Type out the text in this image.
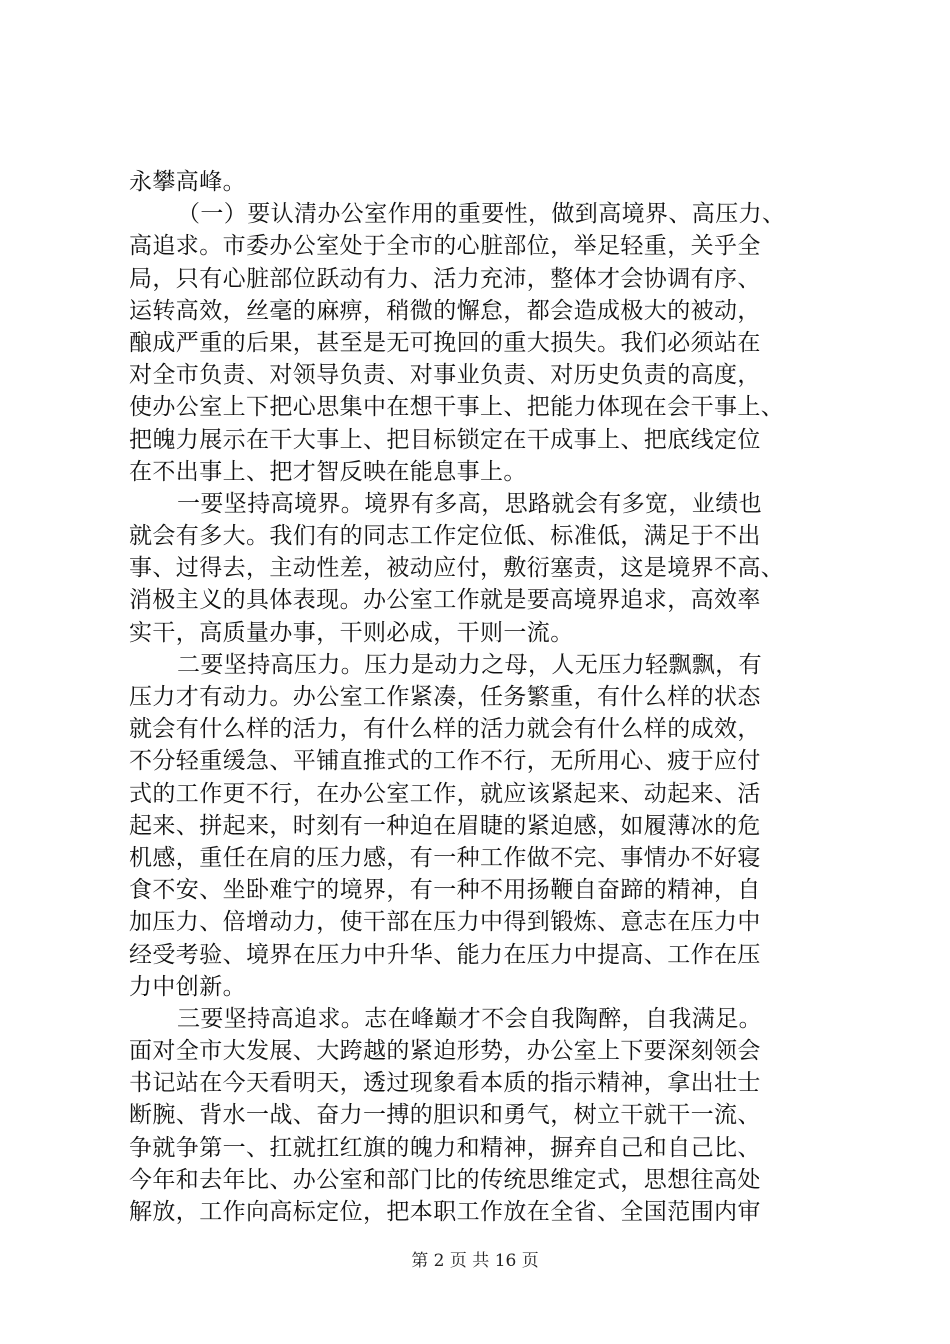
永攀高峰。
（一）要认清办公室作用的重要性，做到高境界、高压力、
高追求。市委办公室处于全市的心脏部位，举足轻重，关乎全
局，只有心脏部位跃动有力、活力充沛，整体才会协调有序、
运转高效，丝毫的麻痹，稍微的懈怠，都会造成极大的被动，
酿成严重的后果，甚至是无可挽回的重大损失。我们必须站在
对全市负责、对领导负责、对事业负责、对历史负责的高度，
使办公室上下把心思集中在想干事上、把能力体现在会干事上、
把魄力展示在干大事上、把目标锁定在干成事上、把底线定位
在不出事上、把才智反映在能息事上。
一要坚持高境界。境界有多高，思路就会有多宽，业绩也
就会有多大。我们有的同志工作定位低、标准低，满足于不出
事、过得去，主动性差，被动应付，敷衍塞责，这是境界不高、
消极主义的具体表现。办公室工作就是要高境界追求，高效率
实干，高质量办事，干则必成，干则一流。
二要坚持高压力。压力是动力之母，人无压力轻飘飘，有
压力才有动力。办公室工作紧凑，任务繁重，有什么样的状态
就会有什么样的活力，有什么样的活力就会有什么样的成效，
不分轻重缓急、平铺直推式的工作不行，无所用心、疲于应付
式的工作更不行，在办公室工作，就应该紧起来、动起来、活
起来、拼起来，时刻有一种迫在眉睫的紧迫感，如履薄冰的危
机感，重任在肩的压力感，有一种工作做不完、事情办不好寝
食不安、坐卧难宁的境界，有一种不用扬鞭自奋蹄的精神，自
加压力、倍增动力，使干部在压力中得到锻炼、意志在压力中
经受考验、境界在压力中升华、能力在压力中提高、工作在压
力中创新。
三要坚持高追求。志在峰巅才不会自我陶醉，自我满足。
面对全市大发展、大跨越的紧迫形势，办公室上下要深刻领会
书记站在今天看明天，透过现象看本质的指示精神，拿出壮士
断腕、背水一战、奋力一搏的胆识和勇气，树立干就干一流、
争就争第一、扛就扛红旗的魄力和精神，摒弃自己和自己比、
今年和去年比、办公室和部门比的传统思维定式，思想往高处
解放，工作向高标定位，把本职工作放在全省、全国范围内审
第 2 页 共 16 页
